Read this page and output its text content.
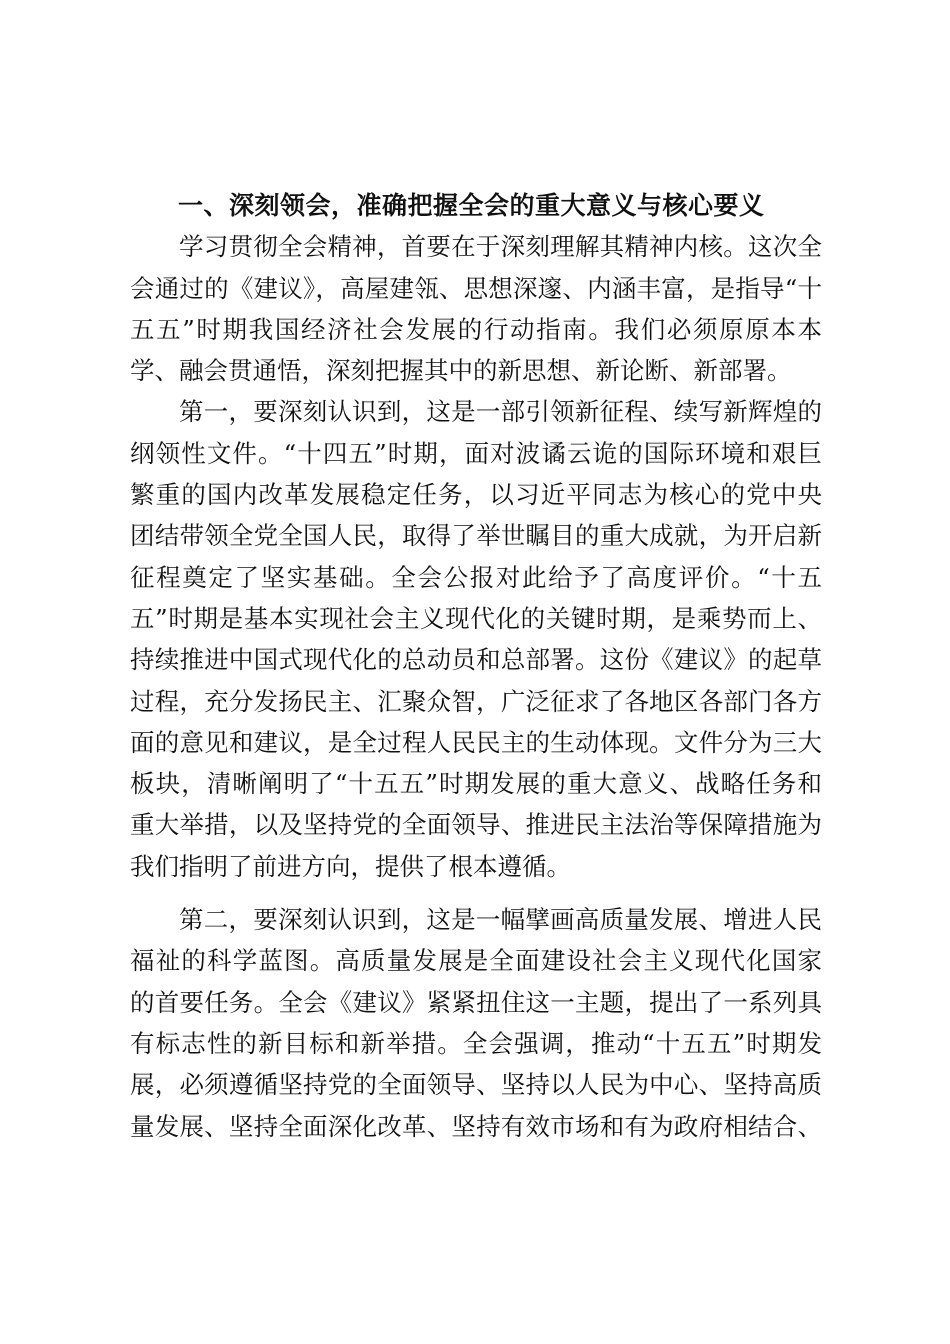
一、深刻领会，准确把握全会的重大意义与核心要义
学习贯彻全会精神，首要在于深刻理解其精神内核。这次全
会通过的《建议》，高屋建瓴、思想深邃、内涵丰富，是指导“十
五五”时期我国经济社会发展的行动指南。我们必须原原本本
学、融会贯通悟，深刻把握其中的新思想、新论断、新部署。
第一，要深刻认识到，这是一部引领新征程、续写新辉煌的
纲领性文件。“十四五”时期，面对波谲云诡的国际环境和艰巨
繁重的国内改革发展稳定任务，以习近平同志为核心的党中央
团结带领全党全国人民，取得了举世瞩目的重大成就，为开启新
征程奠定了坚实基础。全会公报对此给予了高度评价。“十五
五”时期是基本实现社会主义现代化的关键时期，是乘势而上、
持续推进中国式现代化的总动员和总部署。这份《建议》的起草
过程，充分发扬民主、汇聚众智，广泛征求了各地区各部门各方
面的意见和建议，是全过程人民民主的生动体现。文件分为三大
板块，清晰阐明了“十五五”时期发展的重大意义、战略任务和
重大举措，以及坚持党的全面领导、推进民主法治等保障措施为
我们指明了前进方向，提供了根本遵循。
第二，要深刻认识到，这是一幅擘画高质量发展、增进人民
福祉的科学蓝图。高质量发展是全面建设社会主义现代化国家
的首要任务。全会《建议》紧紧扭住这一主题，提出了一系列具
有标志性的新目标和新举措。全会强调，推动“十五五”时期发
展，必须遵循坚持党的全面领导、坚持以人民为中心、坚持高质
量发展、坚持全面深化改革、坚持有效市场和有为政府相结合、
